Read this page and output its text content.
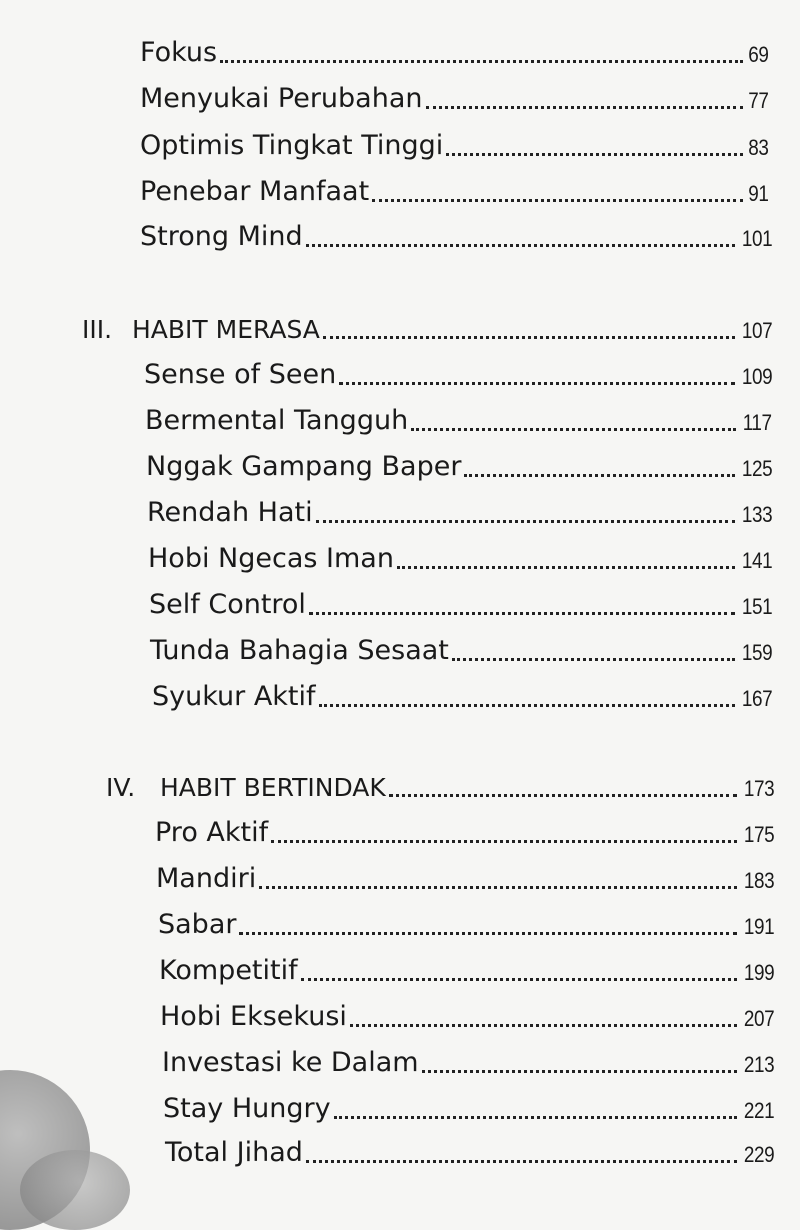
Fokus	69
Menyukai Perubahan	77
Optimis Tingkat Tinggi	83
Penebar Manfaat	91
Strong Mind	101
III. HABIT MERASA	107
Sense of Seen	109
Bermental Tangguh	117
Nggak Gampang Baper	125
Rendah Hati	133
Hobi Ngecas Iman	141
Self Control	151
Tunda Bahagia Sesaat	159
Syukur Aktif	167
IV. HABIT BERTINDAK	173
Pro Aktif	175
Mandiri	183
Sabar	191
Kompetitif	199
Hobi Eksekusi	207
Investasi ke Dalam	213
Stay Hungry	221
Total Jihad	229
